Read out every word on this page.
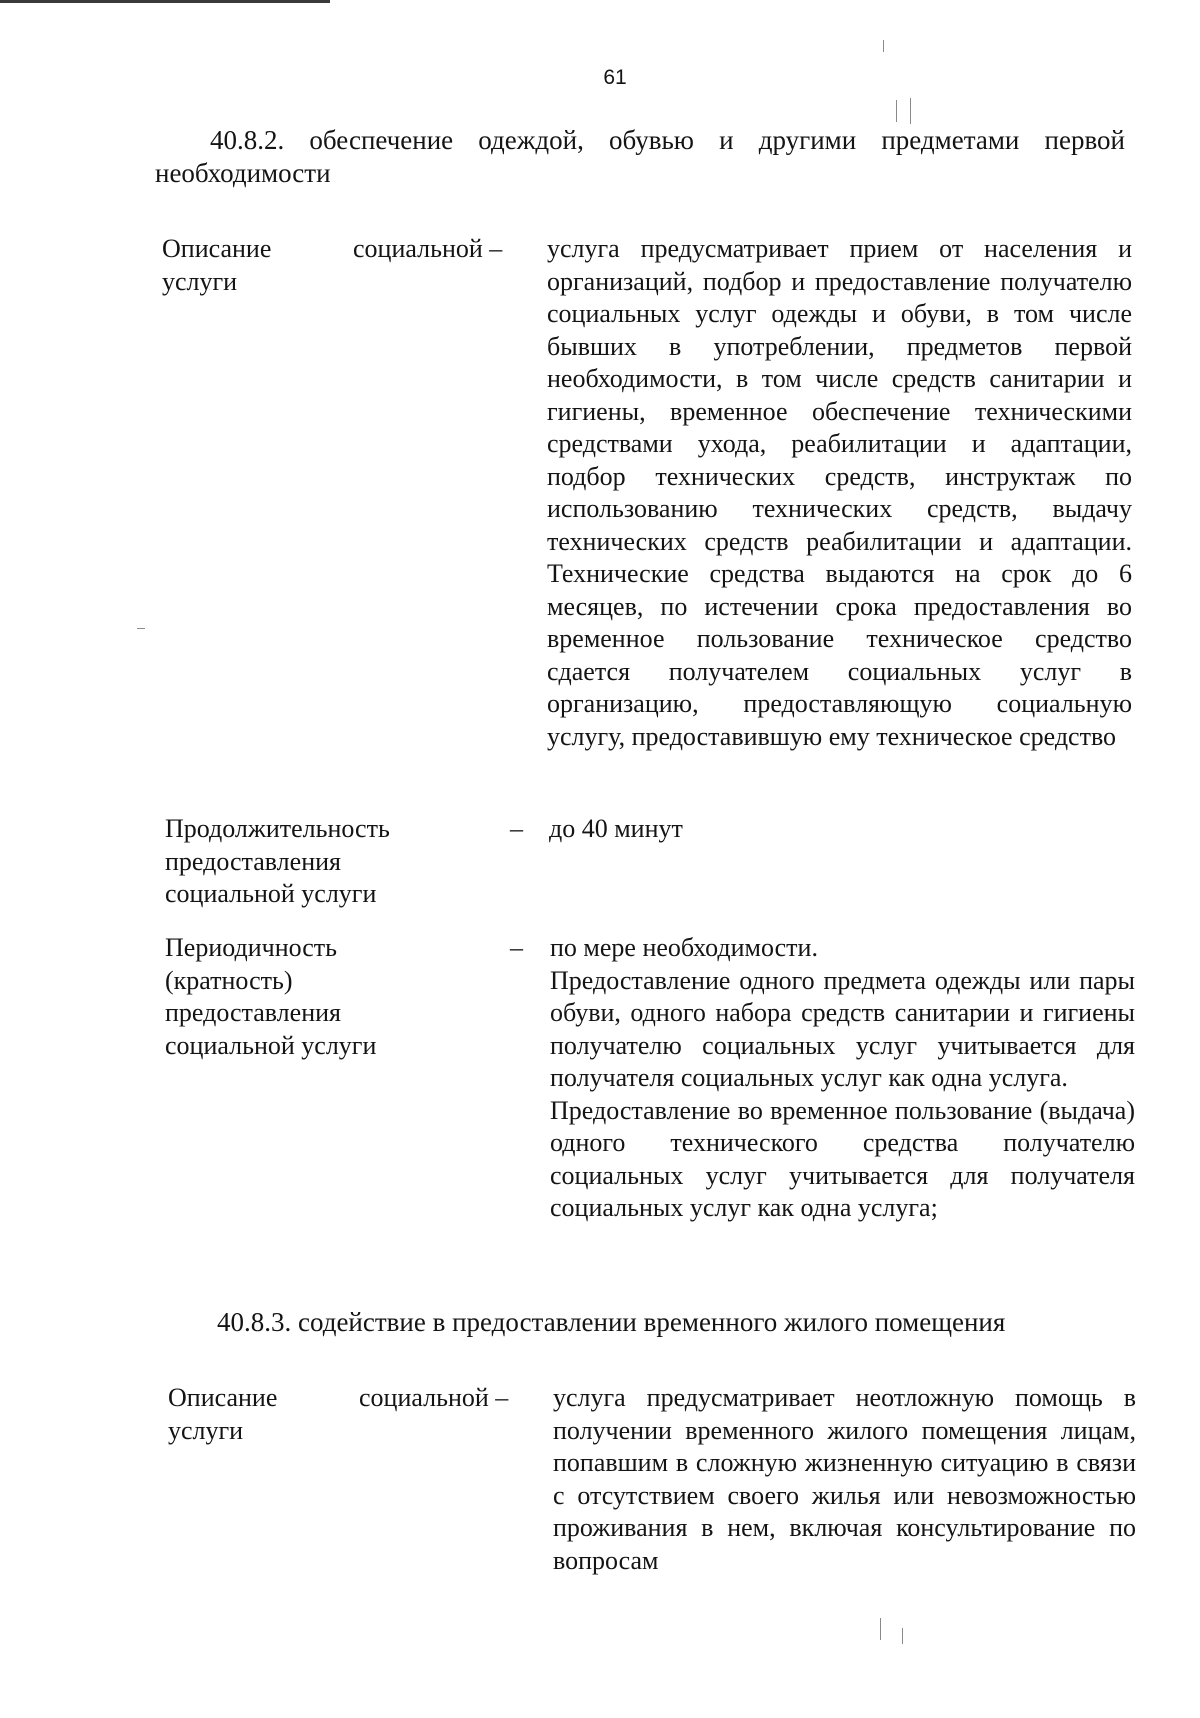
61
40.8.2. обеспечение одеждой, обувью и другими предметами первой необходимости
Описание	социальной –
услуги
услуга предусматривает прием от населения и организаций, подбор и предоставление получателю социальных услуг одежды и обуви, в том числе бывших в употреблении, предметов первой необходимости, в том числе средств санитарии и гигиены, временное обеспечение техническими средствами ухода, реабилитации и адаптации, подбор технических средств, инструктаж по использованию технических средств, выдачу технических средств реабилитации и адаптации. Технические средства выдаются на срок до 6 месяцев, по истечении срока предоставления во временное пользование техническое средство сдается получателем социальных услуг в организацию, предоставляющую социальную услугу, предоставившую ему техническое средство
Продолжительность предоставления социальной услуги
– до 40 минут
Периодичность (кратность) предоставления социальной услуги
– по мере необходимости.

Предоставление одного предмета одежды или пары обуви, одного набора средств санитарии и гигиены получателю социальных услуг учитывается для получателя социальных услуг как одна услуга.

Предоставление во временное пользование (выдача) одного технического средства получателю социальных услуг учитывается для получателя социальных услуг как одна услуга;

40.8.3. содействие в предоставлении временного жилого помещения
Описание	социальной –
услуги
услуга предусматривает неотложную помощь в получении временного жилого помещения лицам, попавшим в сложную жизненную ситуацию в связи с отсутствием своего жилья или невозможностью проживания в нем, включая консультирование по вопросам
